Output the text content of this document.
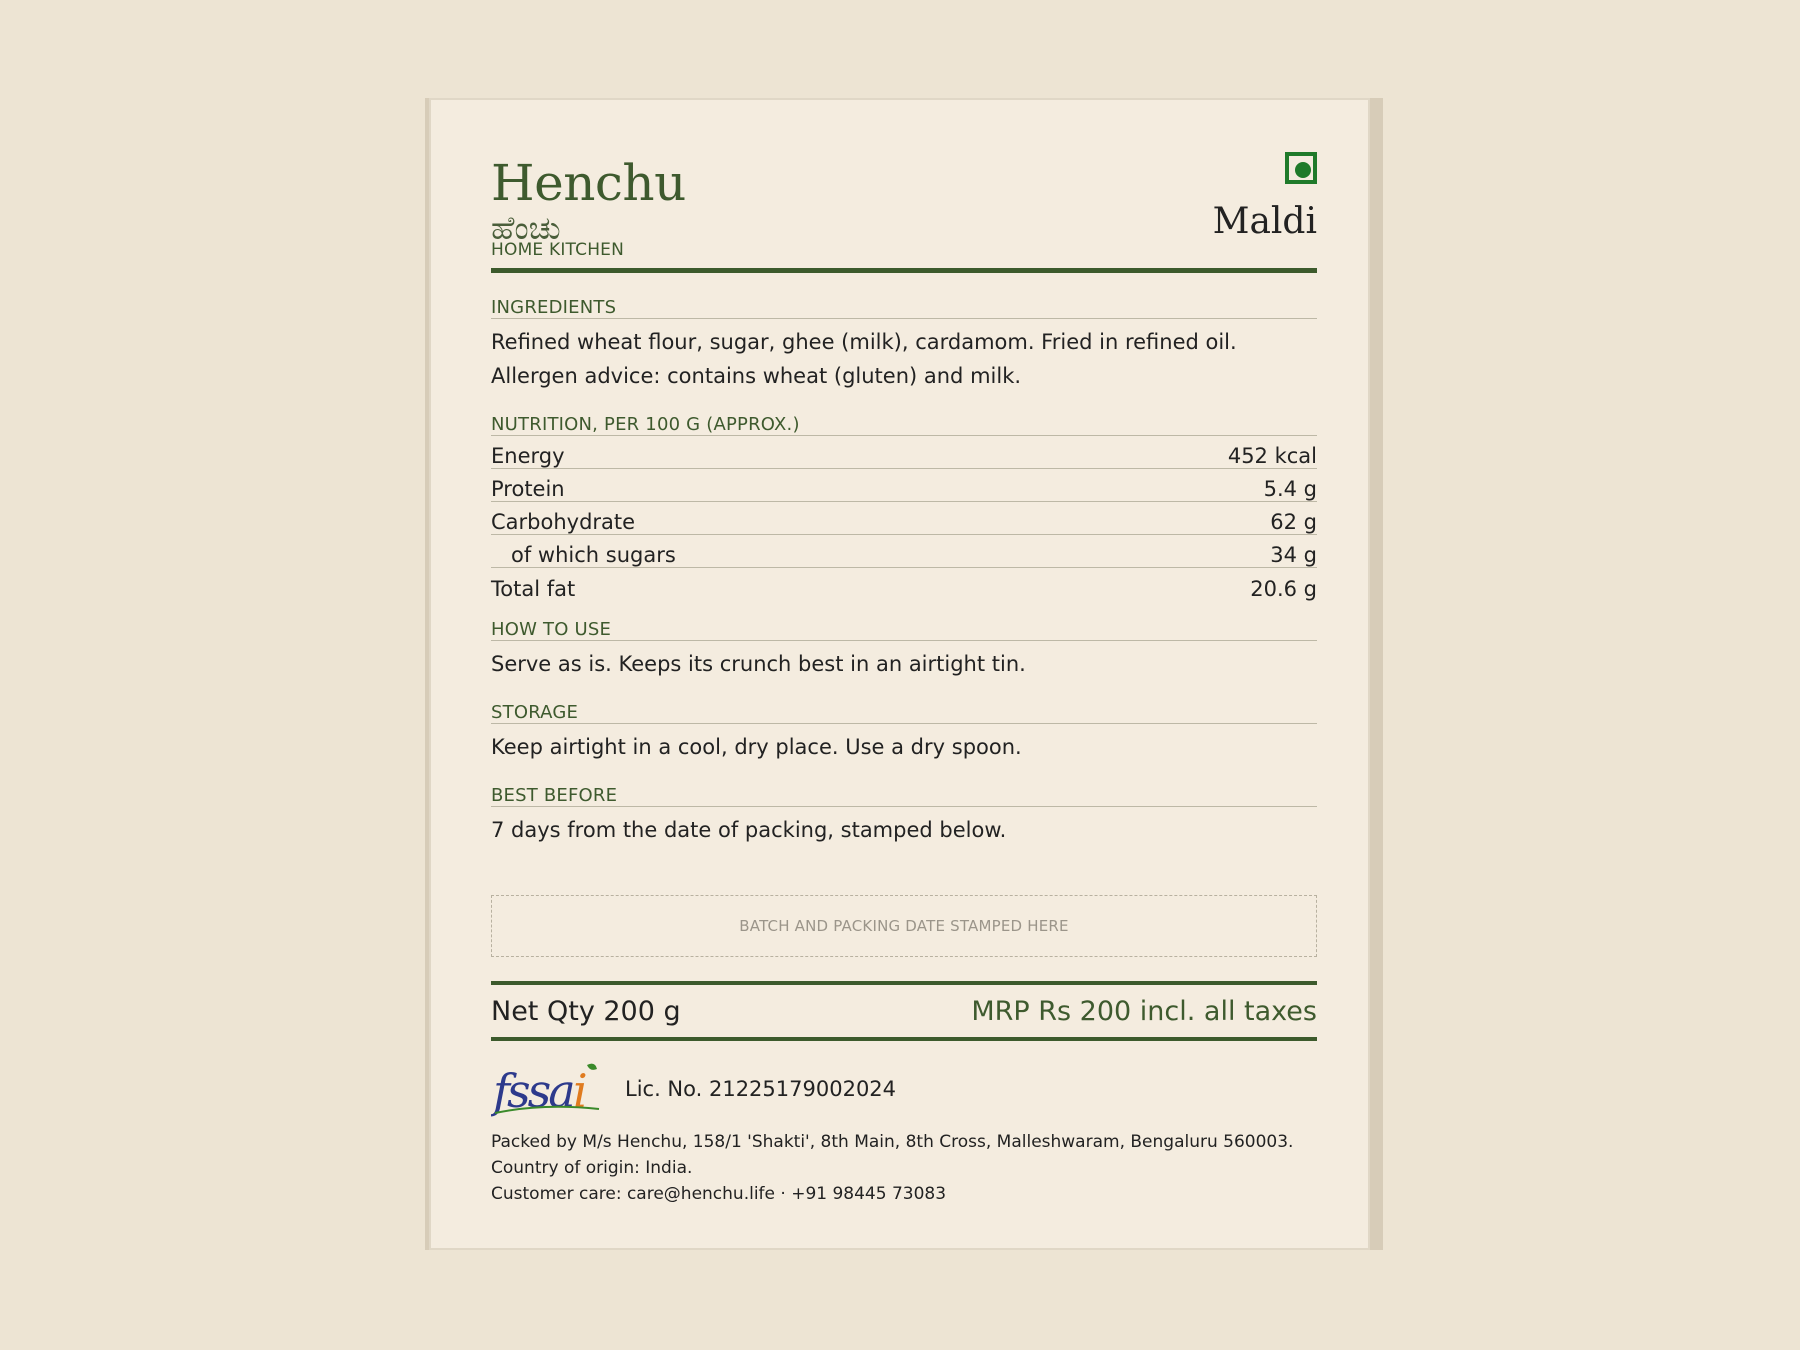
Henchu
ಹೆಂಚು
HOME KITCHEN
Maldi
INGREDIENTS
Refined wheat flour, sugar, ghee (milk), cardamom. Fried in refined oil.
Allergen advice: contains wheat (gluten) and milk.
NUTRITION, PER 100 G (APPROX.)
Energy	452 kcal
Protein	5.4 g
Carbohydrate	62 g
of which sugars	34 g
Total fat	20.6 g
HOW TO USE
Serve as is. Keeps its crunch best in an airtight tin.
STORAGE
Keep airtight in a cool, dry place. Use a dry spoon.
BEST BEFORE
7 days from the date of packing, stamped below.
BATCH AND PACKING DATE STAMPED HERE
Net Qty 200 g	MRP Rs 200 incl. all taxes
fssa i Lic. No. 21225179002024
Packed by M/s Henchu, 158/1 'Shakti', 8th Main, 8th Cross, Malleshwaram, Bengaluru 560003.
Country of origin: India.
Customer care: care@henchu.life · +91 98445 73083
